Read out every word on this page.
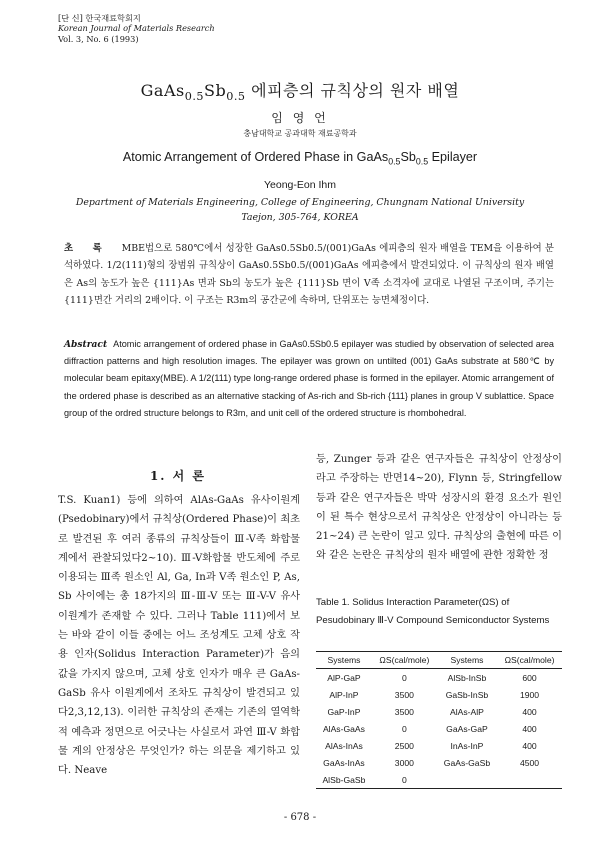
[단 신] 한국재료학회지
Korean Journal of Materials Research
Vol. 3, No. 6 (1993)
$GaAs_{0.5}Sb_{0.5}$ 에피층의 규칙상의 원자 배열
임 영 언
충남대학교 공과대학 재료공학과
Atomic Arrangement of Ordered Phase in $GaAs_{0.5}Sb_{0.5}$ Epilayer
Yeong-Eon Ihm
Department of Materials Engineering, College of Engineering, Chungnam National University
Taejon, 305-764, KOREA
초 록 MBE법으로 580℃에서 성장한 GaAs0.5Sb0.5/(001)GaAs 에피층의 원자 배열을 TEM을 이용하여 분석하였다. 1/2(111)형의 장범위 규칙상이 GaAs0.5Sb0.5/(001)GaAs 에피층에서 발견되었다. 이 규칙상의 원자 배열은 As의 농도가 높은 {111}As 면과 Sb의 농도가 높은 {111}Sb 면이 V족 소격자에 교대로 나열된 구조이며, 주기는 {111}면간 거리의 2배이다. 이 구조는 R3m의 공간군에 속하며, 단위포는 능면체정이다.
Abstract Atomic arrangement of ordered phase in GaAs0.5Sb0.5 epilayer was studied by observation of selected area diffraction patterns and high resolution images. The epilayer was grown on untilted (001) GaAs substrate at 580℃ by molecular beam epitaxy(MBE). A 1/2(111) type long-range ordered phase is formed in the epilayer. Atomic arrangement of the ordered phase is described as an alternative stacking of As-rich and Sb-rich {111} planes in group V sublattice. Space group of the ordred structure belongs to R3m, and unit cell of the ordered structure is rhombohedral.
1. 서 론
T.S. Kuan1) 등에 의하여 AlAs-GaAs 유사이원계(Psedobinary)에서 규칙상(Ordered Phase)이 최초로 발견된 후 여러 종류의 규칙상들이 Ⅲ-V족 화합물 계에서 관찰되었다2~10). Ⅲ-V화합물 반도체에 주로 이용되는 Ⅲ족 원소인 Al, Ga, In과 V족 원소인 P, As, Sb 사이에는 총 18가지의 Ⅲ-Ⅲ-V 또는 Ⅲ-V-V 유사 이원계가 존재할 수 있다. 그러나 Table 111)에서 보는 바와 같이 이들 중에는 어느 조성계도 고체 상호 작용 인자(Solidus Interaction Parameter)가 음의 값을 가지지 않으며, 고체 상호 인자가 매우 큰 GaAs-GaSb 유사 이원계에서 조차도 규칙상이 발견되고 있다2,3,12,13). 이러한 규칙상의 존재는 기존의 열역학적 예측과 정면으로 어긋나는 사실로서 과연 Ⅲ-V 화합물 계의 안정상은 무엇인가? 하는 의문을 제기하고 있다. Neave
등, Zunger 등과 같은 연구자들은 규칙상이 안정상이라고 주장하는 반면14~20), Flynn 등, Stringfellow 등과 같은 연구자들은 박막 성장시의 환경 요소가 원인이 된 특수 현상으로서 규칙상은 안정상이 아니라는 등21~24) 큰 논란이 일고 있다. 규칙상의 출현에 따른 이와 같은 논란은 규칙상의 원자 배열에 관한 정확한 정
Table 1. Solidus Interaction Parameter(ΩS) of Pesudobinary Ⅲ-V Compound Semiconductor Systems
Systems	ΩS(cal/mole)	Systems	ΩS(cal/mole)
AlP-GaP	0	AlSb-InSb	600
AlP-InP	3500	GaSb-InSb	1900
GaP-InP	3500	AlAs-AlP	400
AlAs-GaAs	0	GaAs-GaP	400
AlAs-InAs	2500	InAs-InP	400
GaAs-InAs	3000	GaAs-GaSb	4500
AlSb-GaSb	0		
- 678 -
